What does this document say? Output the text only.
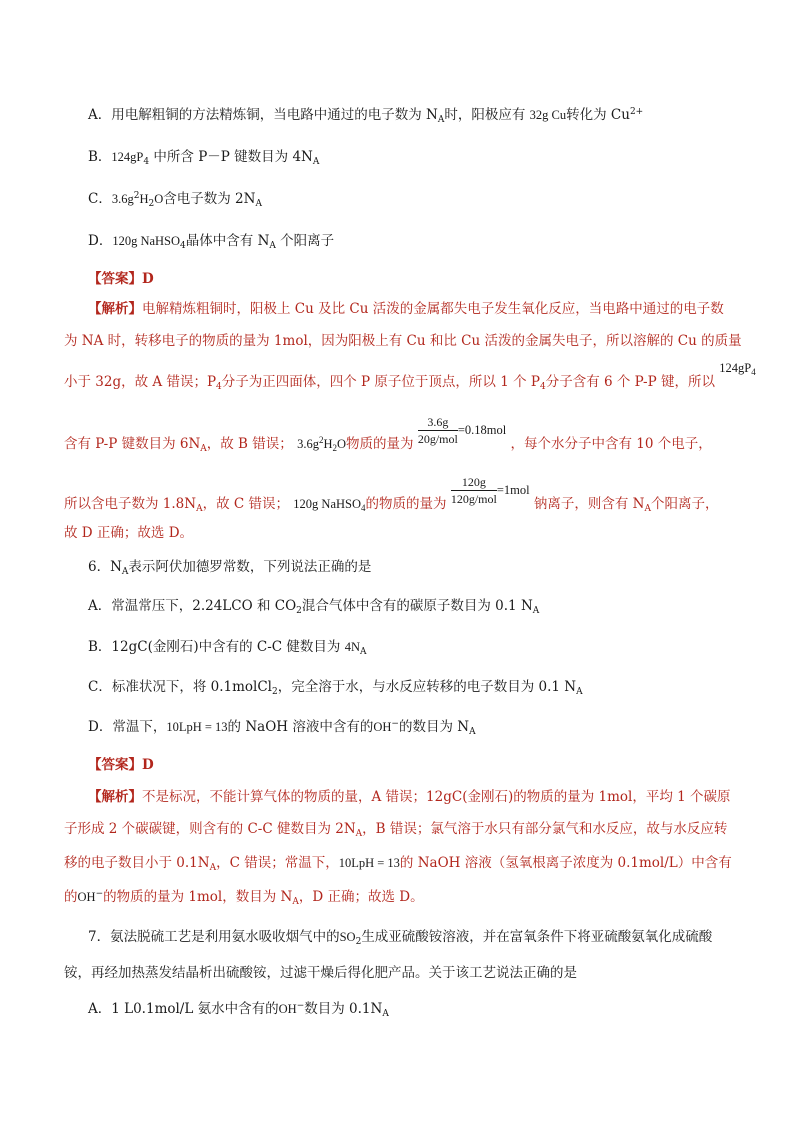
A．用电解粗铜的方法精炼铜，当电路中通过的电子数为 $N_A$时，阳极应有 32g Cu转化为 $Cu^{2+}$
B．$124gP_4$ 中所含 P－P 键数目为 $4N_A$
C．$3.6g^2H_2O$含电子数为 $2N_A$
D．120g NaHSO$_4$晶体中含有 $N_A$ 个阳离子
【答案】D
【解析】电解精炼粗铜时，阳极上 Cu 及比 Cu 活泼的金属都失电子发生氧化反应，当电路中通过的电子数
为 NA 时，转移电子的物质的量为 1mol，因为阳极上有 Cu 和比 Cu 活泼的金属失电子，所以溶解的 Cu 的质量
小于 32g，故 A 错误；$P_4$分子为正四面体，四个 P 原子位于顶点，所以 1 个 $P_4$分子含有 6 个 P-P 键，所以 $124gP_4$
含有 P-P 键数目为 $6N_A$，故 B 错误； $3.6g^2H_2O$物质的量为 $\frac{3.6g}{\text{20g/mol}} =0.18mol$ ，每个水分子中含有 10 个电子，
所以含电子数为 $1.8N_A$，故 C 错误； 120g NaHSO$_4$的物质的量为 $\frac{120g}{\text{120g/mol}} =1mol$ 钠离子，则含有 $N_A$个阳离子，
故 D 正确；故选 D。
6．$N_A$表示阿伏加德罗常数，下列说法正确的是
A．常温常压下，2.24LCO 和 $CO_2$混合气体中含有的碳原子数目为 0.1 $N_A$
B．12gC(金刚石)中含有的 C-C 健数目为 $4N_A$
C．标准状况下，将 0.1molCl$_2$，完全溶于水，与水反应转移的电子数目为 0.1 $N_A$
D．常温下，10LpH = 13的 NaOH 溶液中含有的OH−的数目为 $N_A$
【答案】D
【解析】不是标况，不能计算气体的物质的量，A 错误；12gC(金刚石)的物质的量为 1mol，平均 1 个碳原
子形成 2 个碳碳键，则含有的 C-C 健数目为 $2N_A$，B 错误；氯气溶于水只有部分氯气和水反应，故与水反应转
移的电子数目小于 $0.1N_A$，C 错误；常温下，10LpH = 13的 NaOH 溶液（氢氧根离子浓度为 0.1mol/L）中含有
的OH−的物质的量为 1mol，数目为 $N_A$，D 正确；故选 D。
7．氨法脱硫工艺是利用氨水吸收烟气中的$SO_2$生成亚硫酸铵溶液，并在富氧条件下将亚硫酸氨氧化成硫酸
铵，再经加热蒸发结晶析出硫酸铵，过滤干燥后得化肥产品。关于该工艺说法正确的是
A．1 L0.1mol/L 氨水中含有的OH−数目为 $0.1N_A$
